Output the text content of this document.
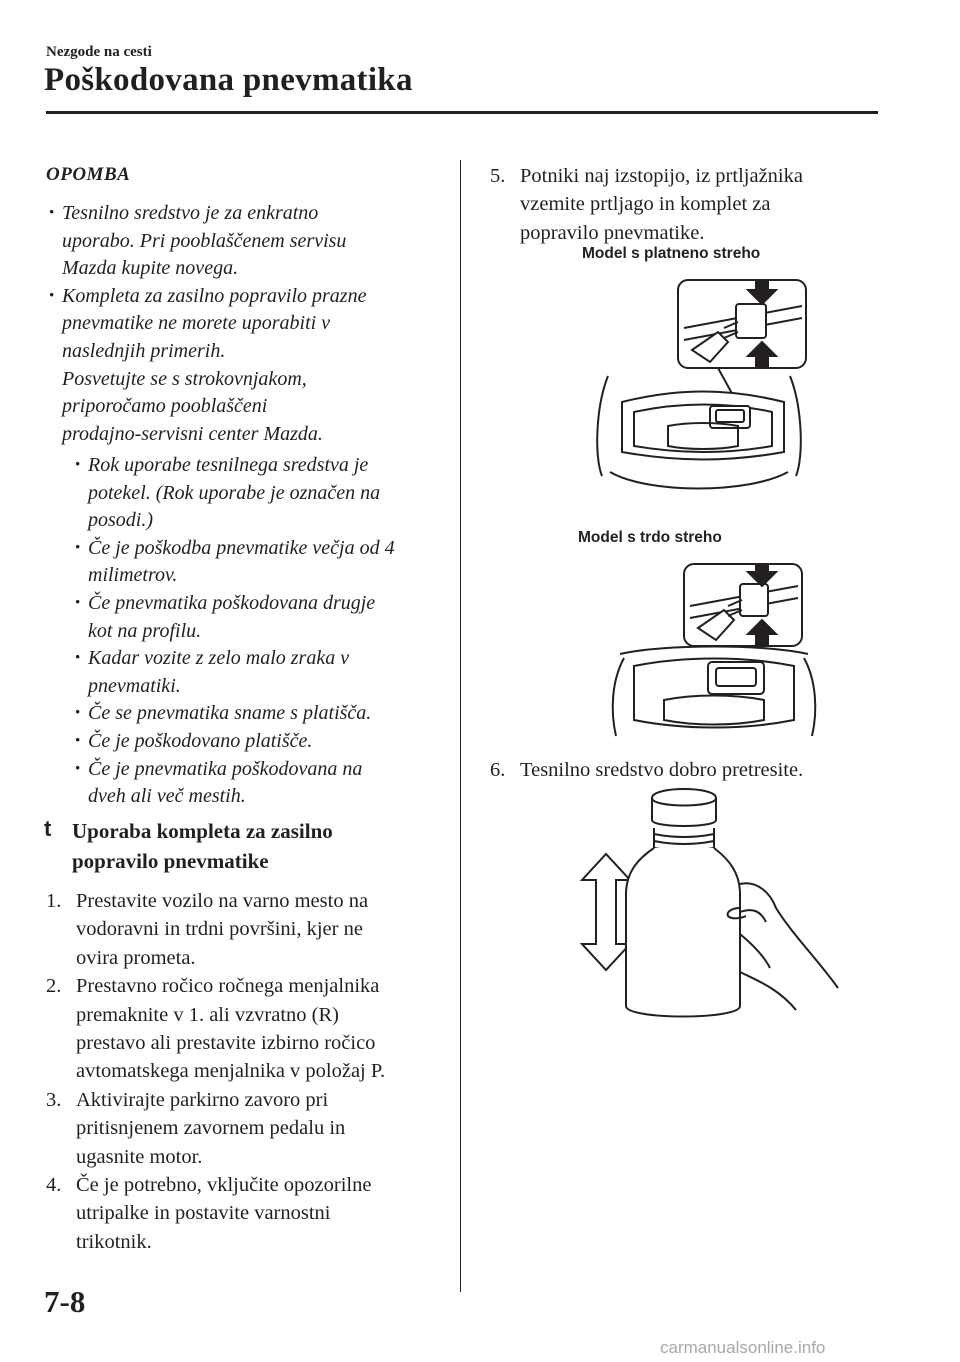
Nezgode na cesti
Poškodovana pnevmatika
OPOMBA
· Tesnilno sredstvo je za enkratno
uporabo. Pri pooblaščenem servisu
Mazda kupite novega.
· Kompleta za zasilno popravilo prazne
pnevmatike ne morete uporabiti v
naslednjih primerih.
Posvetujte se s strokovnjakom,
priporočamo pooblaščeni
prodajno-servisni center Mazda.
· Rok uporabe tesnilnega sredstva je
potekel. (Rok uporabe je označen na
posodi.)
· Če je poškodba pnevmatike večja od 4
milimetrov.
· Če pnevmatika poškodovana drugje
kot na profilu.
· Kadar vozite z zelo malo zraka v
pnevmatiki.
· Če se pnevmatika sname s platišča.
· Če je poškodovano platišče.
· Če je pnevmatika poškodovana na
dveh ali več mestih.
t Uporaba kompleta za zasilno
popravilo pnevmatike
1. Prestavite vozilo na varno mesto na
vodoravni in trdni površini, kjer ne
ovira prometa.
2. Prestavno ročico ročnega menjalnika
premaknite v 1. ali vzvratno (R)
prestavo ali prestavite izbirno ročico
avtomatskega menjalnika v položaj P.
3. Aktivirajte parkirno zavoro pri
pritisnjenem zavornem pedalu in
ugasnite motor.
4. Če je potrebno, vključite opozorilne
utripalke in postavite varnostni
trikotnik.
5. Potniki naj izstopijo, iz prtljažnika
vzemite prtljago in komplet za
popravilo pnevmatike.
Model s platneno streho
Model s trdo streho
6. Tesnilno sredstvo dobro pretresite.
7-8
carmanualsonline.info
